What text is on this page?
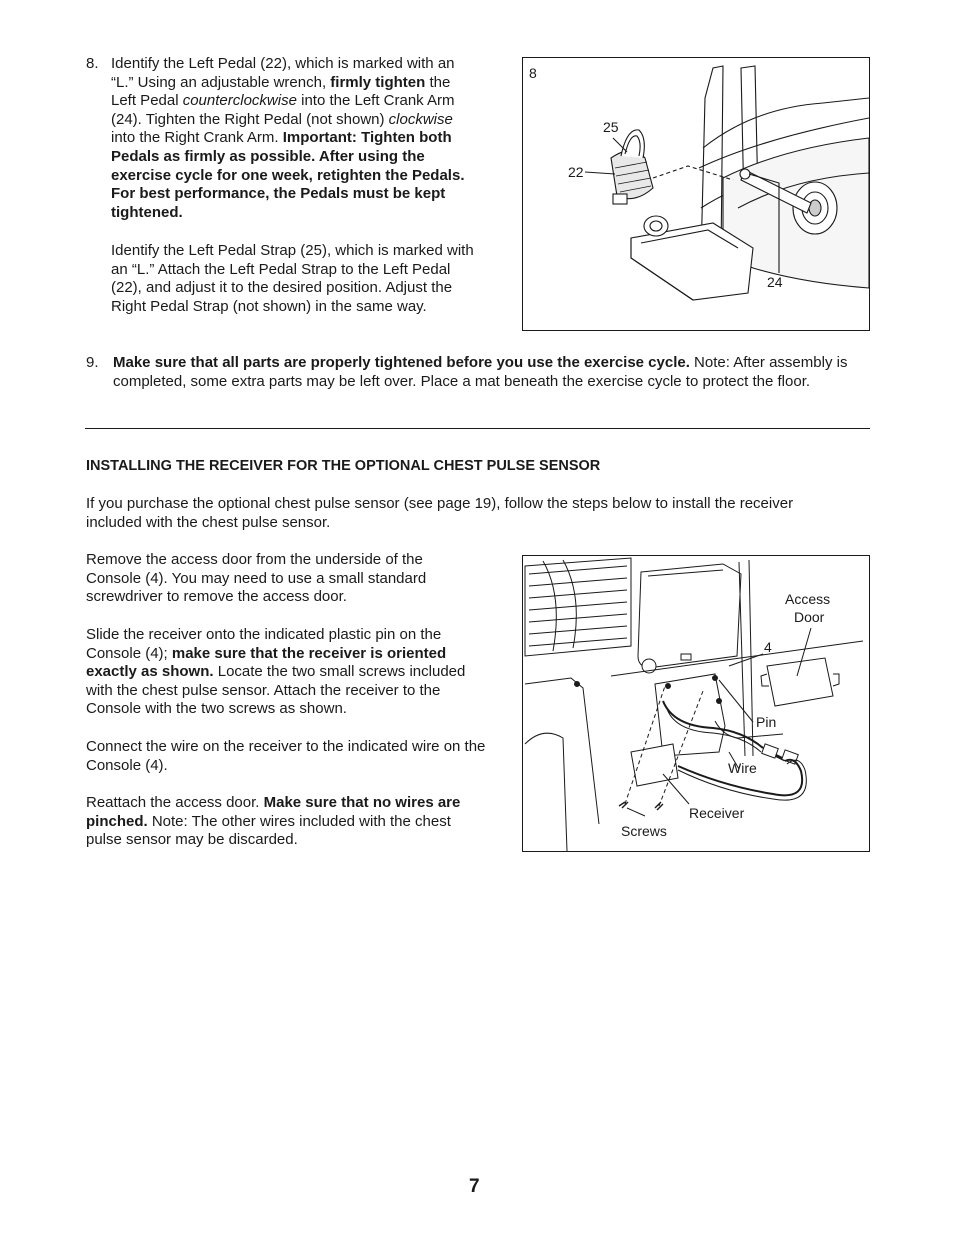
8. Identify the Left Pedal (22), which is marked with an “L.” Using an adjustable wrench, firmly tighten the Left Pedal counterclockwise into the Left Crank Arm (24). Tighten the Right Pedal (not shown) clockwise into the Right Crank Arm. Important: Tighten both Pedals as firmly as possible. After using the exercise cycle for one week, retighten the Pedals. For best performance, the Pedals must be kept tightened.
Identify the Left Pedal Strap (25), which is marked with an “L.” Attach the Left Pedal Strap to the Left Pedal (22), and adjust it to the desired position. Adjust the Right Pedal Strap (not shown) in the same way.
8
25
22
24
9. Make sure that all parts are properly tightened before you use the exercise cycle. Note: After assembly is completed, some extra parts may be left over. Place a mat beneath the exercise cycle to protect the floor.
INSTALLING THE RECEIVER FOR THE OPTIONAL CHEST PULSE SENSOR
If you purchase the optional chest pulse sensor (see page 19), follow the steps below to install the receiver included with the chest pulse sensor.
Remove the access door from the underside of the Console (4). You may need to use a small standard screwdriver to remove the access door.
Slide the receiver onto the indicated plastic pin on the Console (4); make sure that the receiver is oriented exactly as shown. Locate the two small screws included with the chest pulse sensor. Attach the receiver to the Console with the two screws as shown.
Connect the wire on the receiver to the indicated wire on the Console (4).
Reattach the access door. Make sure that no wires are pinched. Note: The other wires included with the chest pulse sensor may be discarded.
Access
Door
4
Pin
Wire
Receiver
Screws
7
